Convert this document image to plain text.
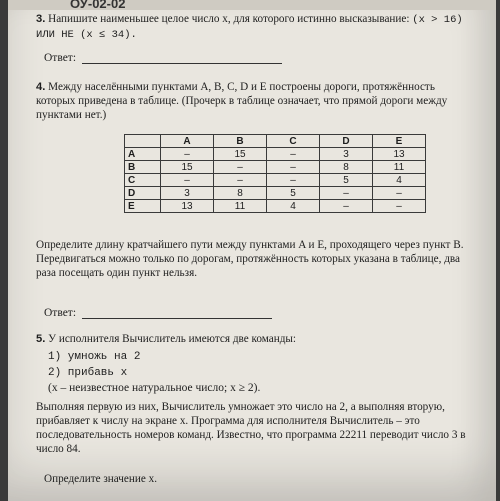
ОУ-02-02
3. Напишите наименьшее целое число x, для которого истинно высказывание: (x > 16) ИЛИ НЕ (x ≤ 34).
Ответ:
4. Между населёнными пунктами A, B, C, D и E построены дороги, протяжённость которых приведена в таблице. (Прочерк в таблице означает, что прямой дороги между пунктами нет.)
	A	B	C	D	E
A	–	15	–	3	13
B	15	–	–	8	11
C	–	–	–	5	4
D	3	8	5	–	–
E	13	11	4	–	–
Определите длину кратчайшего пути между пунктами A и E, проходящего через пункт B. Передвигаться можно только по дорогам, протяжённость которых указана в таблице, два раза посещать один пункт нельзя.
Ответ:
5. У исполнителя Вычислитель имеются две команды:
1) умножь на 2
2) прибавь x
(x – неизвестное натуральное число; x ≥ 2).
Выполняя первую из них, Вычислитель умножает это число на 2, а выполняя вторую, прибавляет к числу на экране x. Программа для исполнителя Вычислитель – это последовательность номеров команд. Известно, что программа 22211 переводит число 3 в число 84.
Определите значение x.
